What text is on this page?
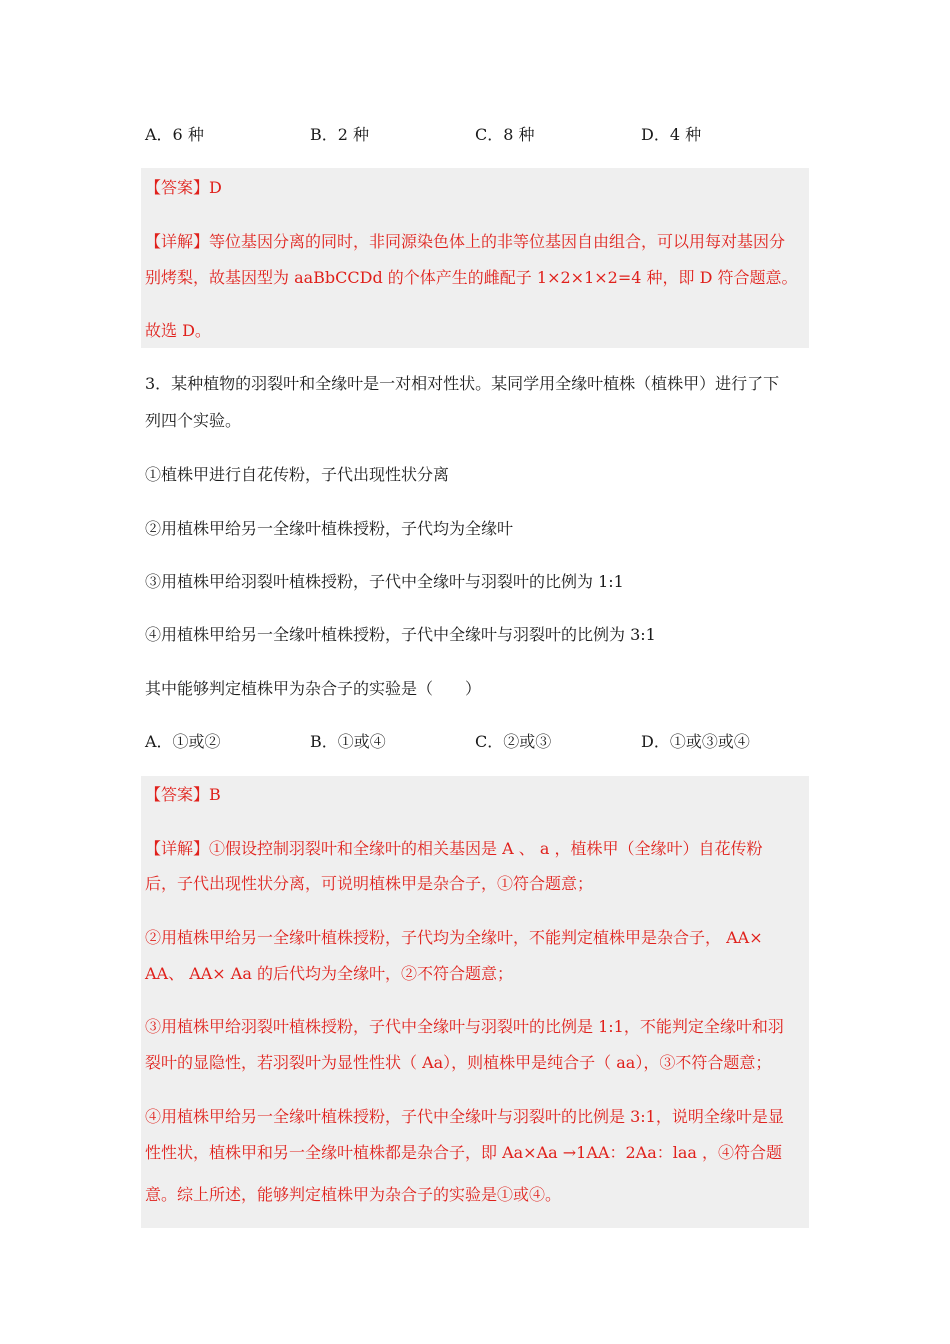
A．6 种	B．2 种	C．8 种	D．4 种
【答案】D
【详解】等位基因分离的同时，非同源染色体上的非等位基因自由组合，可以用每对基因分
别烤梨，故基因型为 aaBbCCDd 的个体产生的雌配子 1×2×1×2=4 种，即 D 符合题意。
故选 D。
3．某种植物的羽裂叶和全缘叶是一对相对性状。某同学用全缘叶植株（植株甲）进行了下
列四个实验。
①植株甲进行自花传粉，子代出现性状分离
②用植株甲给另一全缘叶植株授粉，子代均为全缘叶
③用植株甲给羽裂叶植株授粉，子代中全缘叶与羽裂叶的比例为 1:1
④用植株甲给另一全缘叶植株授粉，子代中全缘叶与羽裂叶的比例为 3:1
其中能够判定植株甲为杂合子的实验是（　　）
A．①或②	B．①或④	C．②或③	D．①或③或④
【答案】B
【详解】①假设控制羽裂叶和全缘叶的相关基因是 A 、 a ，植株甲（全缘叶）自花传粉
后，子代出现性状分离，可说明植株甲是杂合子，①符合题意；
②用植株甲给另一全缘叶植株授粉，子代均为全缘叶，不能判定植株甲是杂合子， AA×
AA、 AA× Aa 的后代均为全缘叶，②不符合题意；
③用植株甲给羽裂叶植株授粉，子代中全缘叶与羽裂叶的比例是 1:1，不能判定全缘叶和羽
裂叶的显隐性，若羽裂叶为显性性状（ Aa），则植株甲是纯合子（ aa），③不符合题意；
④用植株甲给另一全缘叶植株授粉，子代中全缘叶与羽裂叶的比例是 3:1，说明全缘叶是显
性性状，植株甲和另一全缘叶植株都是杂合子，即 Aa×Aa →1AA：2Aa：laa ，④符合题
意。综上所述，能够判定植株甲为杂合子的实验是①或④。
